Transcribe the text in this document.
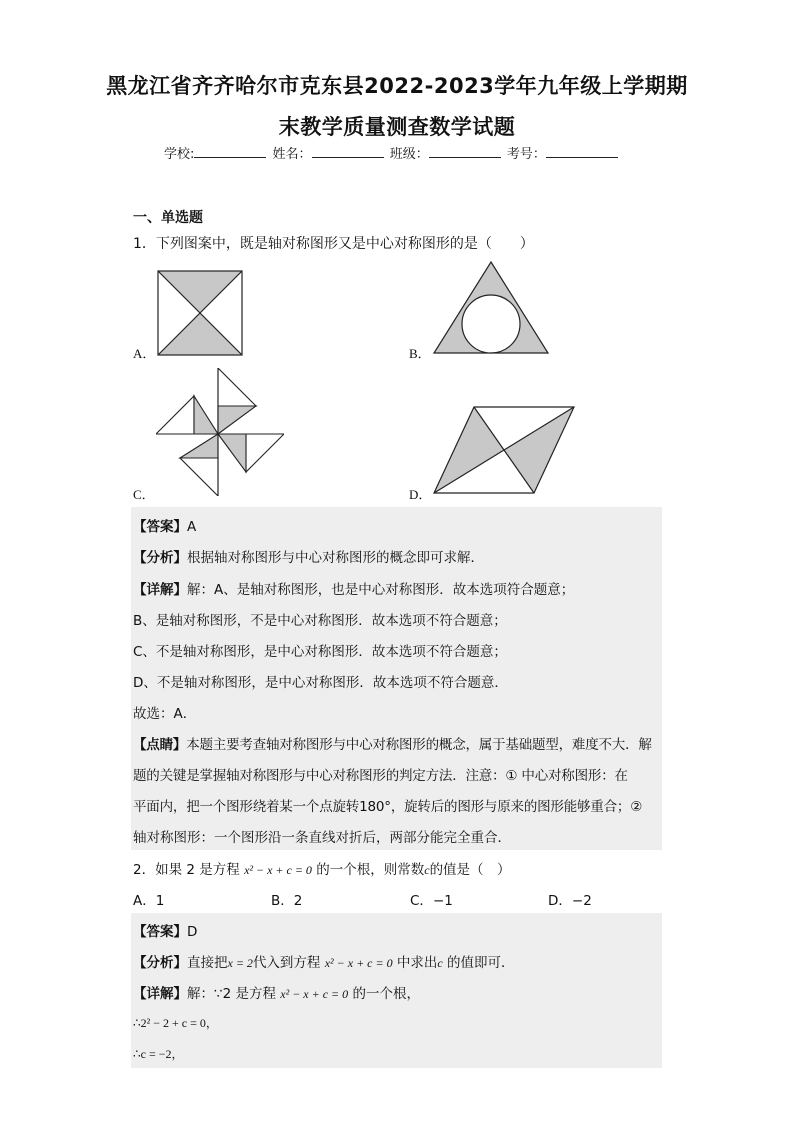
黑龙江省齐齐哈尔市克东县2022-2023学年九年级上学期期
末教学质量测查数学试题
学校:	姓名：	班级：	考号：
一、单选题
1．下列图案中，既是轴对称图形又是中心对称图形的是（　　）
A．	B．
C．	D．
【答案】A
【分析】根据轴对称图形与中心对称图形的概念即可求解．
【详解】解：A、是轴对称图形，也是中心对称图形．故本选项符合题意；
B、是轴对称图形，不是中心对称图形．故本选项不符合题意；
C、不是轴对称图形，是中心对称图形．故本选项不符合题意；
D、不是轴对称图形，是中心对称图形．故本选项不符合题意．
故选：A．
【点睛】本题主要考查轴对称图形与中心对称图形的概念，属于基础题型，难度不大．解
题的关键是掌握轴对称图形与中心对称图形的判定方法．注意：① 中心对称图形：在
平面内，把一个图形绕着某一个点旋转180°，旋转后的图形与原来的图形能够重合；②
轴对称图形：一个图形沿一条直线对折后，两部分能完全重合．
2．如果 2 是方程 x² − x + c = 0 的一个根，则常数c的值是（　）
A．1	B．2	C．−1	D．−2
【答案】D
【分析】直接把x = 2代入到方程 x² − x + c = 0 中求出c 的值即可．
【详解】解：∵2 是方程 x² − x + c = 0 的一个根，
∴2² − 2 + c = 0，
∴c = −2，
